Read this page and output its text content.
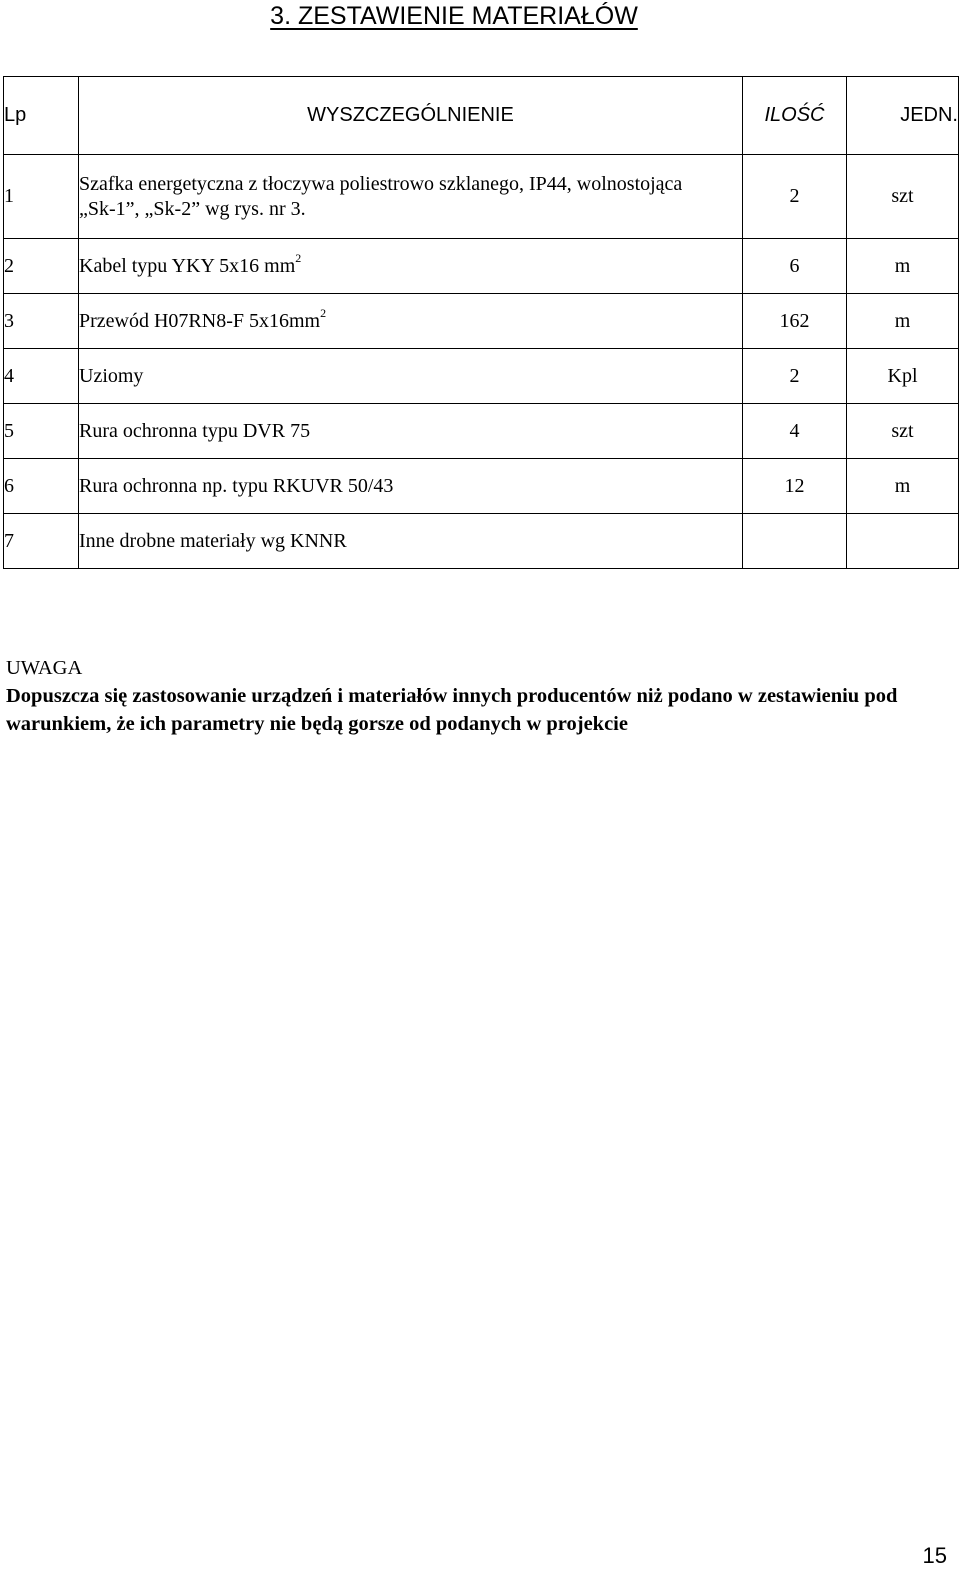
3. ZESTAWIENIE MATERIAŁÓW
Lp	WYSZCZEGÓLNIENIE	ILOŚĆ	JEDN.
1	Szafka energetyczna z tłoczywa poliestrowo szklanego, IP44, wolnostojąca „Sk-1”, „Sk-2” wg rys. nr 3.	2	szt
2	Kabel typu YKY 5x16 $mm^2$	6	m
3	Przewód H07RN8-F $5x16mm^2$	162	m
4	Uziomy	2	Kpl
5	Rura ochronna typu DVR 75	4	szt
6	Rura ochronna np. typu RKUVR 50/43	12	m
7	Inne drobne materiały wg KNNR		
UWAGA
Dopuszcza się zastosowanie urządzeń i materiałów innych producentów niż podano w zestawieniu pod warunkiem, że ich parametry nie będą gorsze od podanych w projekcie
15
